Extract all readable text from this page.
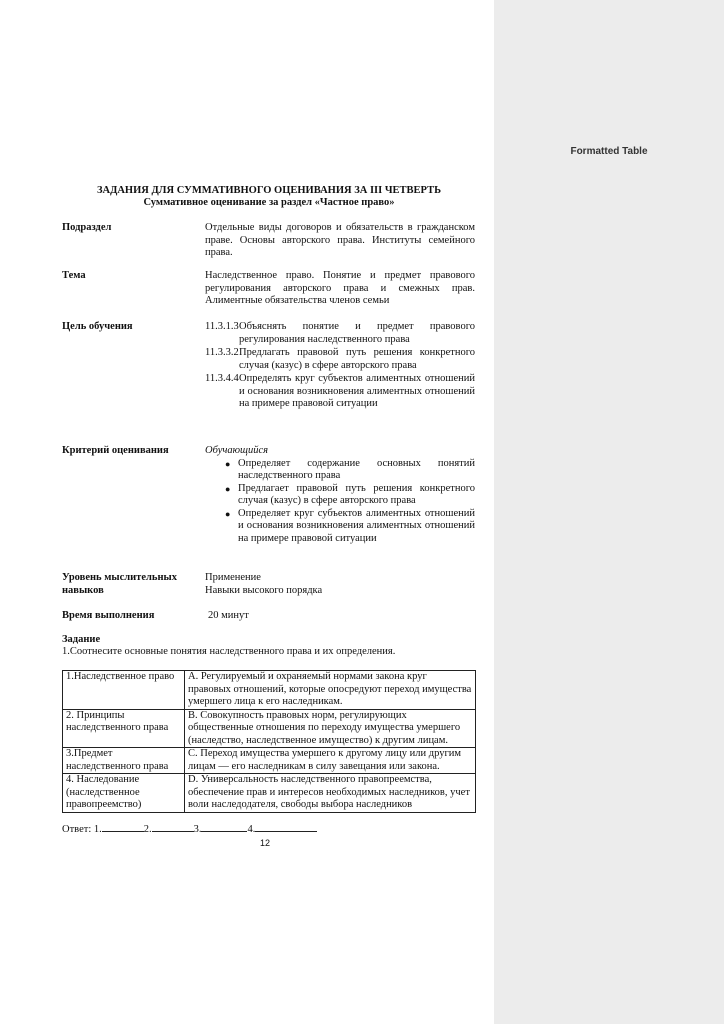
Formatted Table
ЗАДАНИЯ ДЛЯ СУММАТИВНОГО ОЦЕНИВАНИЯ ЗА III ЧЕТВЕРТЬ
Суммативное оценивание за раздел «Частное право»
Подраздел	Отдельные виды договоров и обязательств в гражданском праве. Основы авторского права. Институты семейного права.
Тема	Наследственное право. Понятие и предмет правового регулирования авторского права и смежных прав. Алиментные обязательства членов семьи
Цель обучения	11.3.1.3 Объяснять понятие и предмет правового регулирования наследственного права
11.3.3.2 Предлагать правовой путь решения конкретного случая (казус) в сфере авторского права
11.3.4.4 Определять круг субъектов алиментных отношений и основания возникновения алиментных отношений на примере правовой ситуации
Критерий оценивания	Обучающийся
● Определяет содержание основных понятий наследственного права
● Предлагает правовой путь решения конкретного случая (казус) в сфере авторского права
● Определяет круг субъектов алиментных отношений и основания возникновения алиментных отношений на примере правовой ситуации
Уровень мыслительных навыков
Применение
Навыки высокого порядка
Время выполнения	20 минут
Задание
1.Соотнесите основные понятия наследственного права и их определения.
1.Наследственное право	A. Регулируемый и охраняемый нормами закона круг правовых отношений, которые опосредуют переход имущества умершего лица к его наследникам.
2. Принципы наследственного права	B. Совокупность правовых норм, регулирующих общественные отношения по переходу имущества умершего (наследство, наследственное имущество) к другим лицам.
3.Предмет наследственного права	C. Переход имущества умершего к другому лицу или другим лицам — его наследникам в силу завещания или закона.
4. Наследование (наследственное правопреемство)	D. Универсальность наследственного правопреемства, обеспечение прав и интересов необходимых наследников, учет воли наследодателя, свободы выбора наследников
Ответ: 1.	2.	3.	4.
12
